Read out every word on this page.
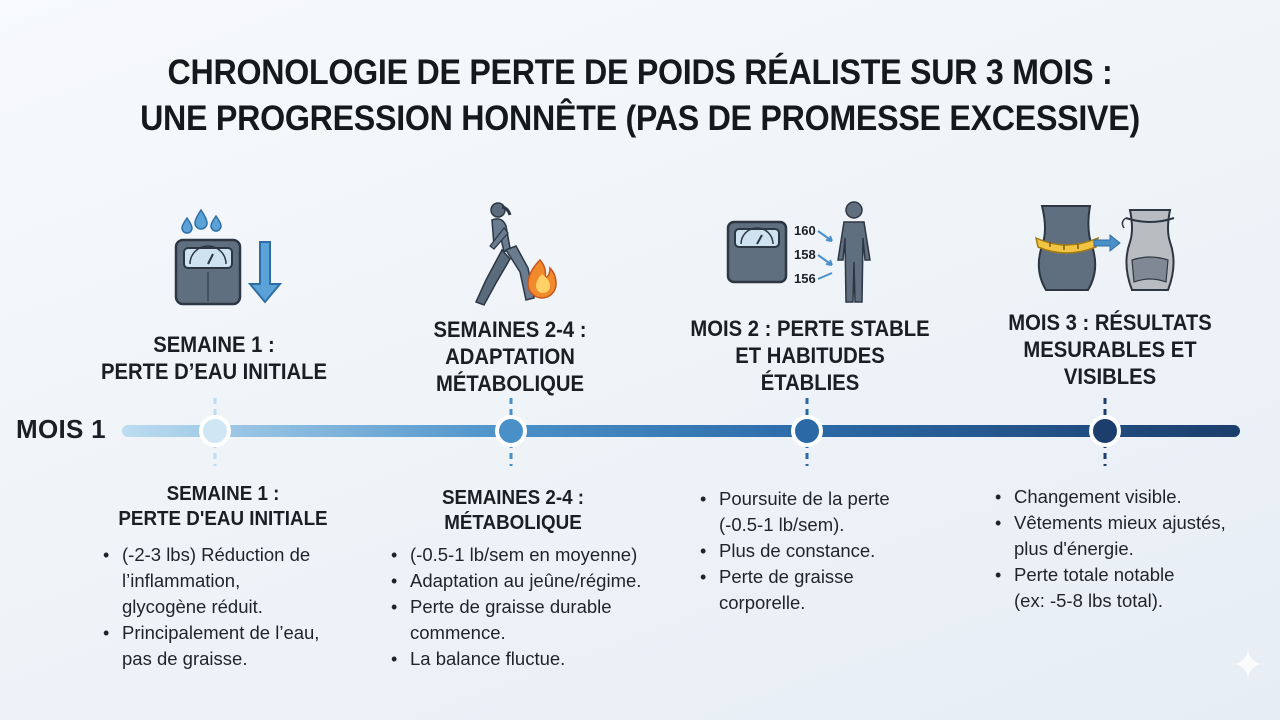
CHRONOLOGIE DE PERTE DE POIDS RÉALISTE SUR 3 MOIS :
UNE PROGRESSION HONNÊTE (PAS DE PROMESSE EXCESSIVE)
160
158
156
SEMAINE 1 :
PERTE D’EAU INITIALE
SEMAINES 2-4 :
ADAPTATION
MÉTABOLIQUE
MOIS 2 : PERTE STABLE
ET HABITUDES
ÉTABLIES
MOIS 3 : RÉSULTATS
MESURABLES ET
VISIBLES
MOIS 1
SEMAINE 1 :
PERTE D'EAU INITIALE
SEMAINES 2-4 :
MÉTABOLIQUE
• (-2-3 lbs) Réduction de
l’inflammation,
glycogène réduit.
• Principalement de l’eau,
pas de graisse.
• (-0.5-1 lb/sem en moyenne)
• Adaptation au jeûne/régime.
• Perte de graisse durable
commence.
• La balance fluctue.
• Poursuite de la perte
(-0.5-1 lb/sem).
• Plus de constance.
• Perte de graisse
corporelle.
• Changement visible.
• Vêtements mieux ajustés,
plus d'énergie.
• Perte totale notable
(ex: -5-8 lbs total).
